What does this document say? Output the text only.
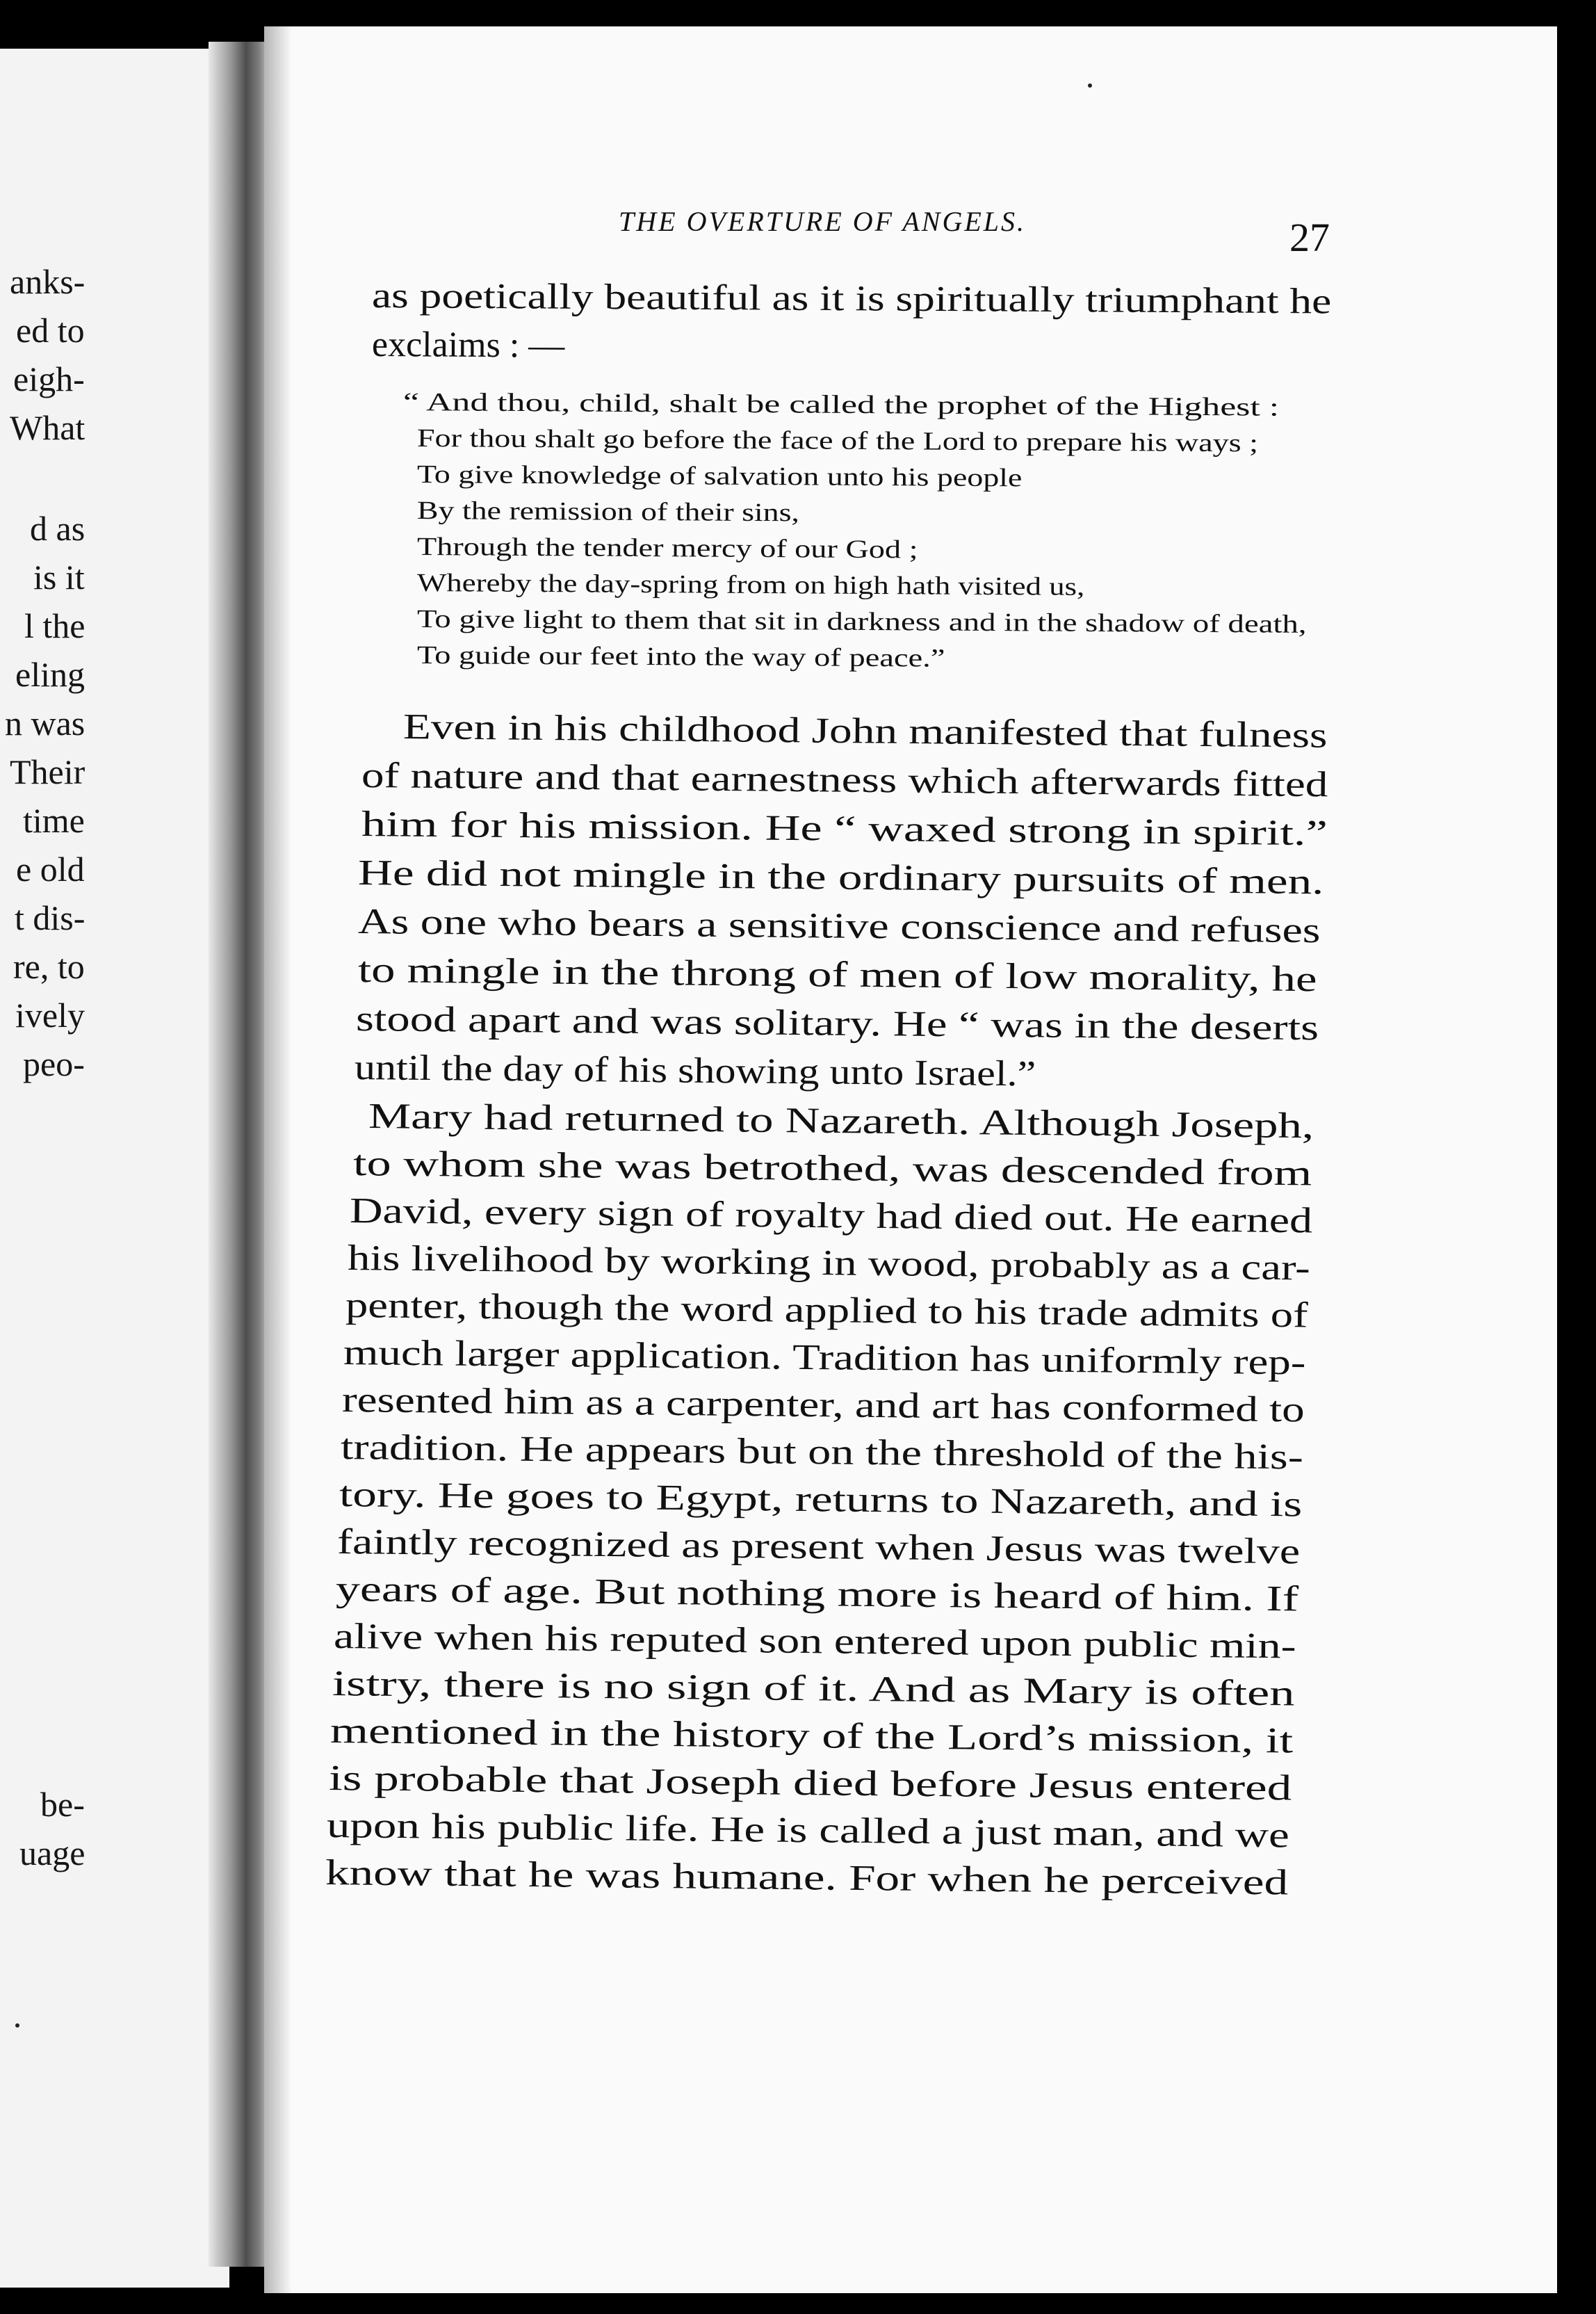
anks-
ed to
eigh-
What
d as
is it
l the
eling
n was
Their
time
e old
t dis-
re, to
ively
peo-
be-
uage
THE OVERTURE OF ANGELS.	27
as poetically beautiful as it is spiritually triumphant he
exclaims : —
“ And thou, child, shalt be called the prophet of the Highest :
For thou shalt go before the face of the Lord to prepare his ways ;
To give knowledge of salvation unto his people
By the remission of their sins,
Through the tender mercy of our God ;
Whereby the day-spring from on high hath visited us,
To give light to them that sit in darkness and in the shadow of death,
To guide our feet into the way of peace.”
Even in his childhood John manifested that fulness
of nature and that earnestness which afterwards fitted
him for his mission. He “ waxed strong in spirit.”
He did not mingle in the ordinary pursuits of men.
As one who bears a sensitive conscience and refuses
to mingle in the throng of men of low morality, he
stood apart and was solitary. He “ was in the deserts
until the day of his showing unto Israel.”
Mary had returned to Nazareth. Although Joseph,
to whom she was betrothed, was descended from
David, every sign of royalty had died out. He earned
his livelihood by working in wood, probably as a car-
penter, though the word applied to his trade admits of
much larger application. Tradition has uniformly rep-
resented him as a carpenter, and art has conformed to
tradition. He appears but on the threshold of the his-
tory. He goes to Egypt, returns to Nazareth, and is
faintly recognized as present when Jesus was twelve
years of age. But nothing more is heard of him. If
alive when his reputed son entered upon public min-
istry, there is no sign of it. And as Mary is often
mentioned in the history of the Lord’s mission, it
is probable that Joseph died before Jesus entered
upon his public life. He is called a just man, and we
know that he was humane. For when he perceived
